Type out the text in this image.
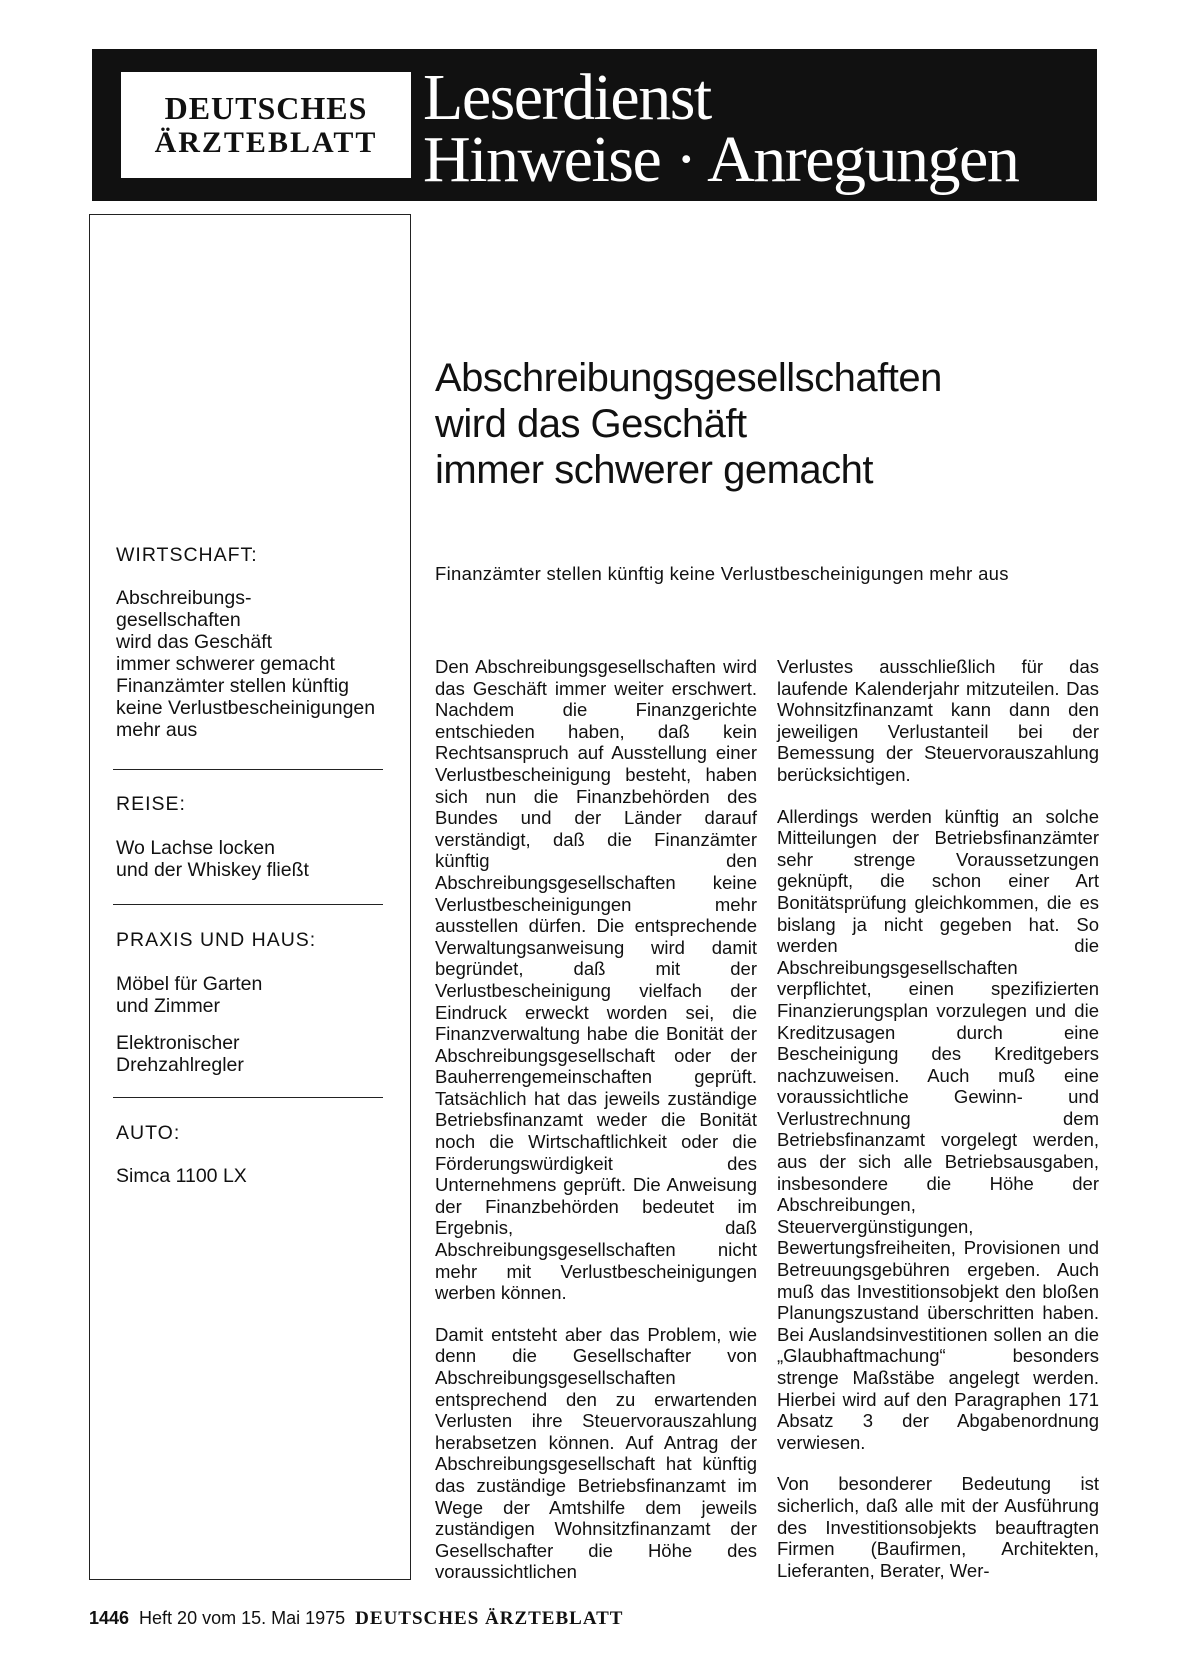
DEUTSCHES
ÄRZTEBLATT
Leserdienst
Hinweise · Anregungen
WIRTSCHAFT:
Abschreibungs-
gesellschaften
wird das Geschäft
immer schwerer gemacht
Finanzämter stellen künftig
keine Verlustbescheinigungen
mehr aus
REISE:
Wo Lachse locken
und der Whiskey fließt
PRAXIS UND HAUS:
Möbel für Garten
und Zimmer
Elektronischer
Drehzahlregler
AUTO:
Simca 1100 LX
Abschreibungsgesellschaften
wird das Geschäft
immer schwerer gemacht
Finanzämter stellen künftig keine Verlustbescheinigungen mehr aus

Den Abschreibungsgesellschaften wird das Geschäft immer weiter erschwert. Nachdem die Finanzgerichte entschieden haben, daß kein Rechtsanspruch auf Ausstellung einer Verlustbescheinigung besteht, haben sich nun die Finanzbehörden des Bundes und der Länder darauf verständigt, daß die Finanzämter künftig den Abschreibungsgesellschaften keine Verlustbescheinigungen mehr ausstellen dürfen. Die entsprechende Verwaltungsanweisung wird damit begründet, daß mit der Verlustbescheinigung vielfach der Eindruck erweckt worden sei, die Finanzverwaltung habe die Bonität der Abschreibungsgesellschaft oder der Bauherrengemeinschaften geprüft. Tatsächlich hat das jeweils zuständige Betriebsfinanzamt weder die Bonität noch die Wirtschaftlichkeit oder die Förderungswürdigkeit des Unternehmens geprüft. Die Anweisung der Finanzbehörden bedeutet im Ergebnis, daß Abschreibungsgesellschaften nicht mehr mit Verlustbescheinigungen werben können.

Damit entsteht aber das Problem, wie denn die Gesellschafter von Abschreibungsgesellschaften entsprechend den zu erwartenden Verlusten ihre Steuervorauszahlung herabsetzen können. Auf Antrag der Abschreibungsgesellschaft hat künftig das zuständige Betriebsfinanzamt im Wege der Amtshilfe dem jeweils zuständigen Wohnsitzfinanzamt der Gesellschafter die Höhe des voraussichtlichen

Verlustes ausschließlich für das laufende Kalenderjahr mitzuteilen. Das Wohnsitzfinanzamt kann dann den jeweiligen Verlustanteil bei der Bemessung der Steuervorauszahlung berücksichtigen.

Allerdings werden künftig an solche Mitteilungen der Betriebsfinanzämter sehr strenge Voraussetzungen geknüpft, die schon einer Art Bonitätsprüfung gleichkommen, die es bislang ja nicht gegeben hat. So werden die Abschreibungsgesellschaften verpflichtet, einen spezifizierten Finanzierungsplan vorzulegen und die Kreditzusagen durch eine Bescheinigung des Kreditgebers nachzuweisen. Auch muß eine voraussichtliche Gewinn- und Verlustrechnung dem Betriebsfinanzamt vorgelegt werden, aus der sich alle Betriebsausgaben, insbesondere die Höhe der Abschreibungen, Steuervergünstigungen, Bewertungsfreiheiten, Provisionen und Betreuungsgebühren ergeben. Auch muß das Investitionsobjekt den bloßen Planungszustand überschritten haben. Bei Auslandsinvestitionen sollen an die „Glaubhaftmachung“ besonders strenge Maßstäbe angelegt werden. Hierbei wird auf den Paragraphen 171 Absatz 3 der Abgabenordnung verwiesen.

Von besonderer Bedeutung ist sicherlich, daß alle mit der Ausführung des Investitionsobjekts beauftragten Firmen (Baufirmen, Architekten, Lieferanten, Berater, Wer-

1446 Heft 20 vom 15. Mai 1975 DEUTSCHES ÄRZTEBLATT
